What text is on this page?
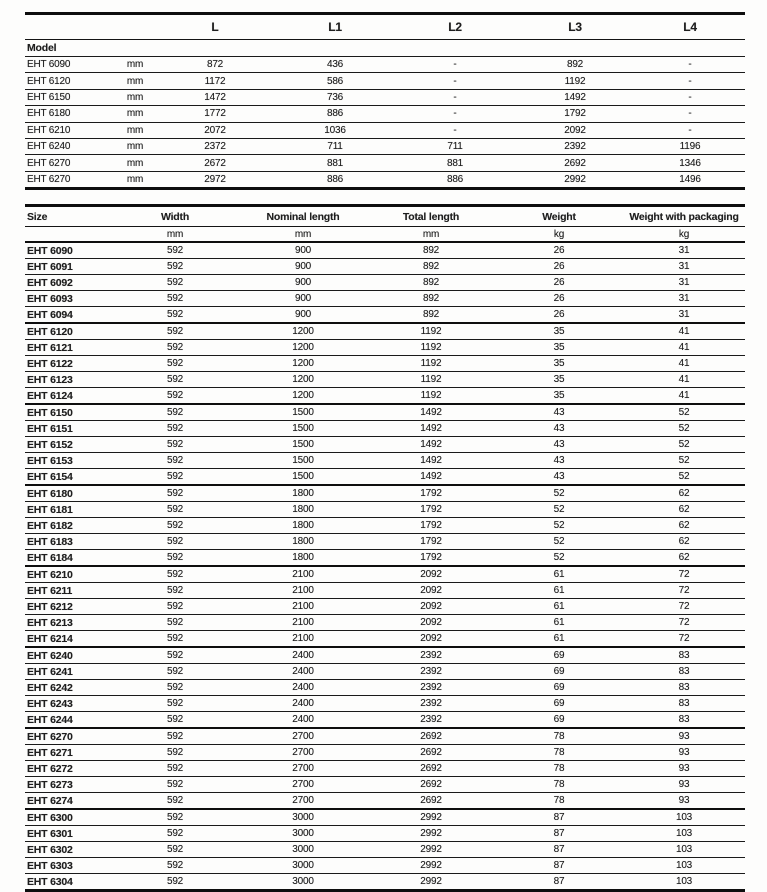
		L	L1	L2	L3	L4
Model						
EHT 6090	mm	872	436	-	892	-
EHT 6120	mm	1172	586	-	1192	-
EHT 6150	mm	1472	736	-	1492	-
EHT 6180	mm	1772	886	-	1792	-
EHT 6210	mm	2072	1036	-	2092	-
EHT 6240	mm	2372	711	711	2392	1196
EHT 6270	mm	2672	881	881	2692	1346
EHT 6270	mm	2972	886	886	2992	1496
Size	Width	Nominal length	Total length	Weight	Weight with packaging
	mm	mm	mm	kg	kg
EHT 6090	592	900	892	26	31
EHT 6091	592	900	892	26	31
EHT 6092	592	900	892	26	31
EHT 6093	592	900	892	26	31
EHT 6094	592	900	892	26	31
EHT 6120	592	1200	1192	35	41
EHT 6121	592	1200	1192	35	41
EHT 6122	592	1200	1192	35	41
EHT 6123	592	1200	1192	35	41
EHT 6124	592	1200	1192	35	41
EHT 6150	592	1500	1492	43	52
EHT 6151	592	1500	1492	43	52
EHT 6152	592	1500	1492	43	52
EHT 6153	592	1500	1492	43	52
EHT 6154	592	1500	1492	43	52
EHT 6180	592	1800	1792	52	62
EHT 6181	592	1800	1792	52	62
EHT 6182	592	1800	1792	52	62
EHT 6183	592	1800	1792	52	62
EHT 6184	592	1800	1792	52	62
EHT 6210	592	2100	2092	61	72
EHT 6211	592	2100	2092	61	72
EHT 6212	592	2100	2092	61	72
EHT 6213	592	2100	2092	61	72
EHT 6214	592	2100	2092	61	72
EHT 6240	592	2400	2392	69	83
EHT 6241	592	2400	2392	69	83
EHT 6242	592	2400	2392	69	83
EHT 6243	592	2400	2392	69	83
EHT 6244	592	2400	2392	69	83
EHT 6270	592	2700	2692	78	93
EHT 6271	592	2700	2692	78	93
EHT 6272	592	2700	2692	78	93
EHT 6273	592	2700	2692	78	93
EHT 6274	592	2700	2692	78	93
EHT 6300	592	3000	2992	87	103
EHT 6301	592	3000	2992	87	103
EHT 6302	592	3000	2992	87	103
EHT 6303	592	3000	2992	87	103
EHT 6304	592	3000	2992	87	103
